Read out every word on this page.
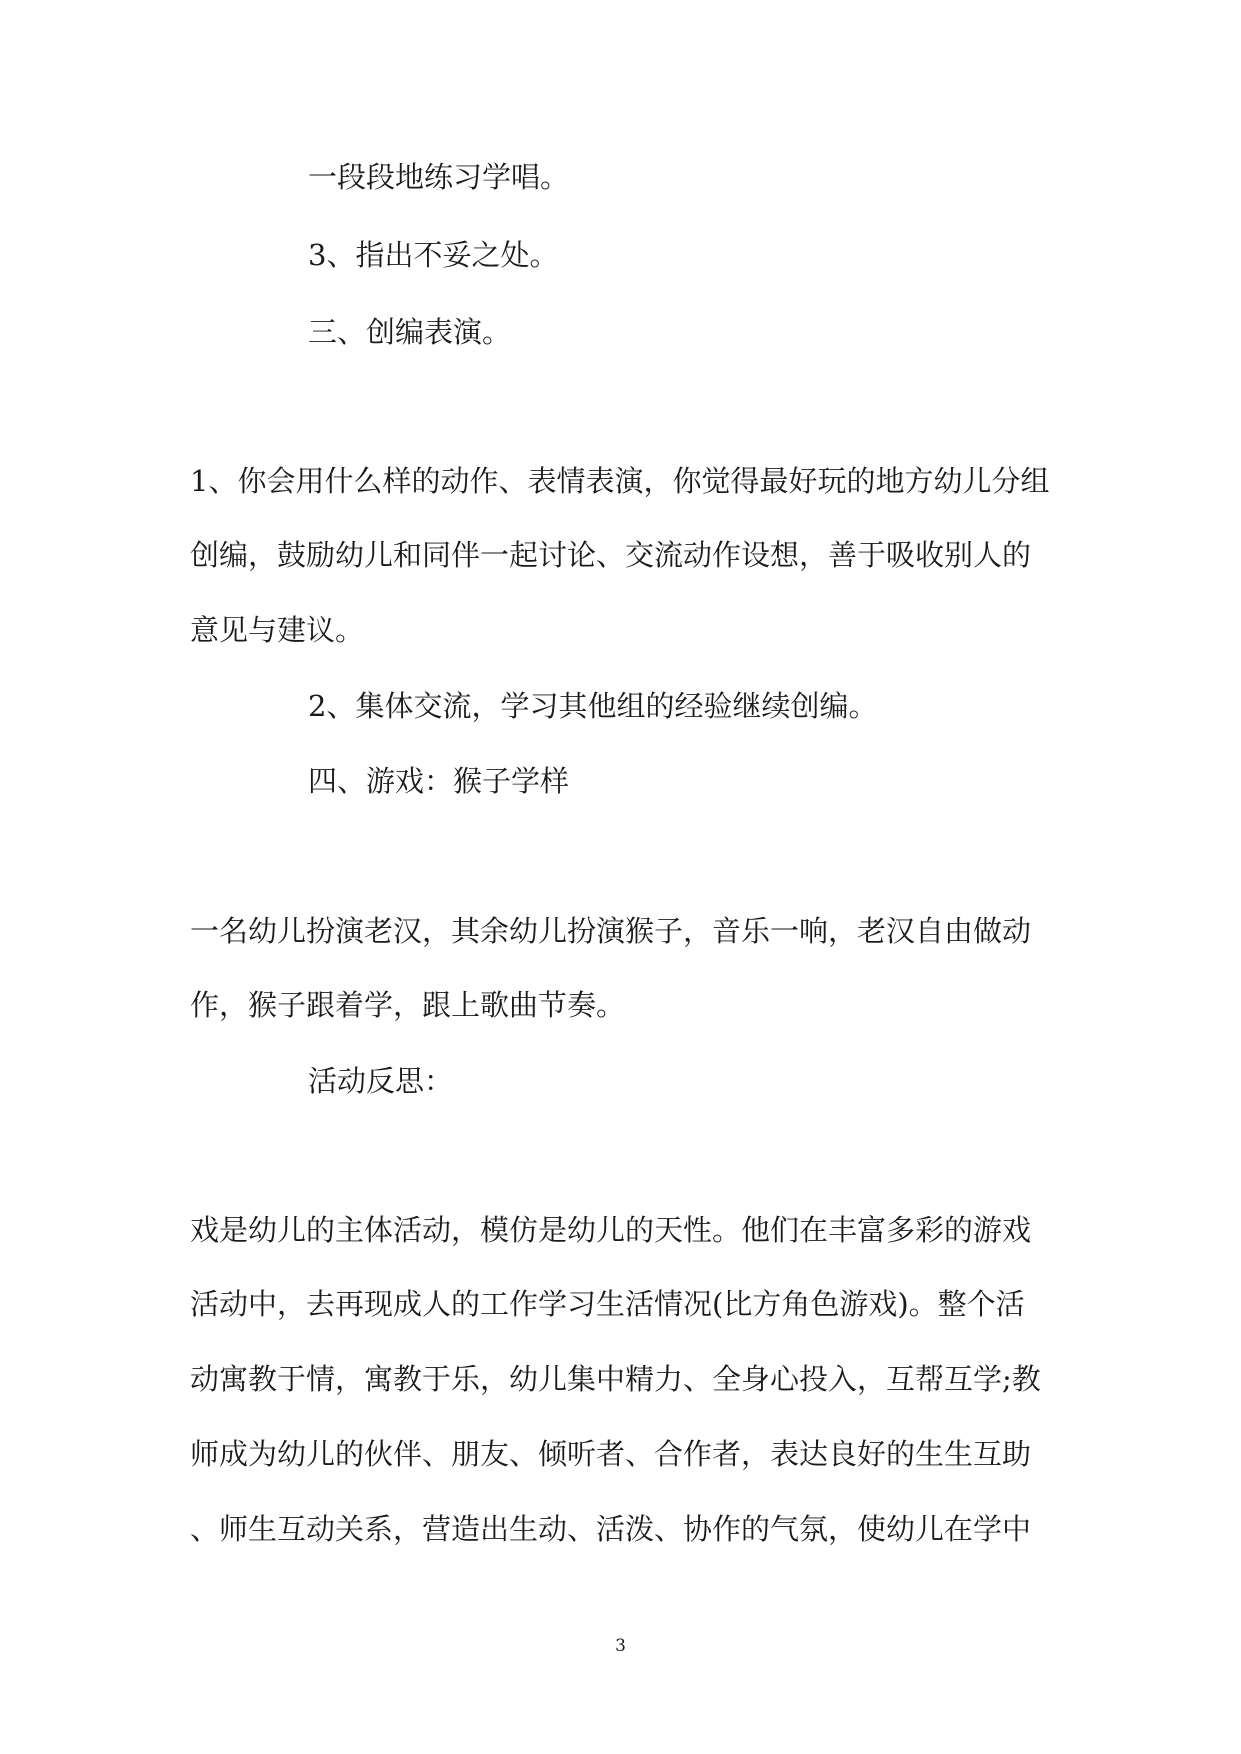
一段段地练习学唱。

3、指出不妥之处。

三、创编表演。

1、你会用什么样的动作、表情表演，你觉得最好玩的地方幼儿分组

创编，鼓励幼儿和同伴一起讨论、交流动作设想，善于吸收别人的

意见与建议。

2、集体交流，学习其他组的经验继续创编。

四、游戏：猴子学样

一名幼儿扮演老汉，其余幼儿扮演猴子，音乐一响，老汉自由做动

作，猴子跟着学，跟上歌曲节奏。

活动反思：

戏是幼儿的主体活动，模仿是幼儿的天性。他们在丰富多彩的游戏

活动中，去再现成人的工作学习生活情况(比方角色游戏)。整个活

动寓教于情，寓教于乐，幼儿集中精力、全身心投入，互帮互学;教

师成为幼儿的伙伴、朋友、倾听者、合作者，表达良好的生生互助

、师生互动关系，营造出生动、活泼、协作的气氛，使幼儿在学中

3
